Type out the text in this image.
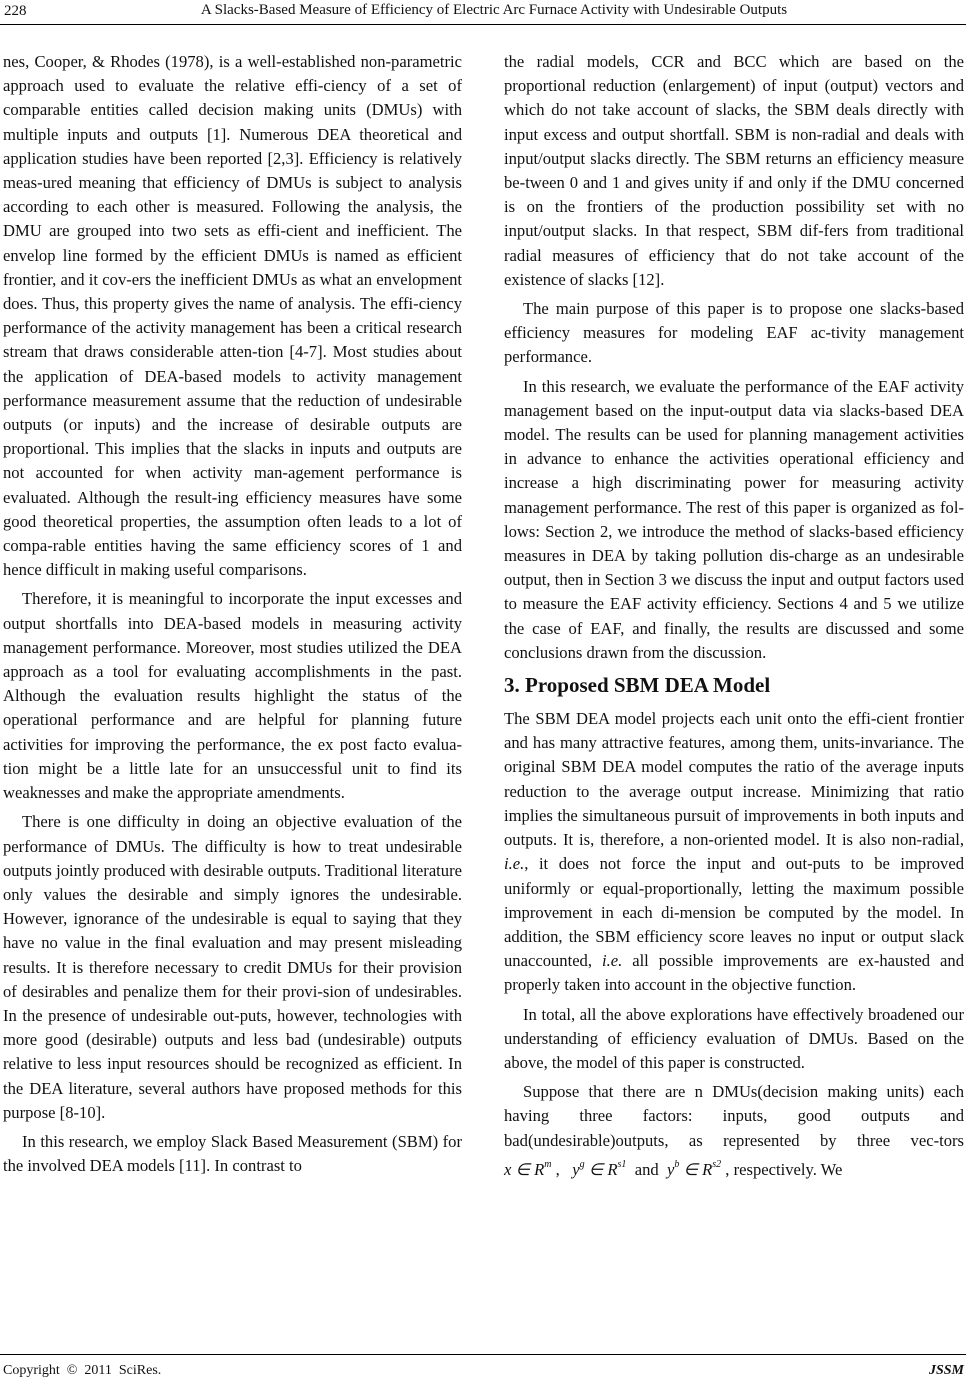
228	A Slacks-Based Measure of Efficiency of Electric Arc Furnace Activity with Undesirable Outputs

nes, Cooper, & Rhodes (1978), is a well-established non-parametric approach used to evaluate the relative effi-ciency of a set of comparable entities called decision making units (DMUs) with multiple inputs and outputs [1]. Numerous DEA theoretical and application studies have been reported [2,3]. Efficiency is relatively meas-ured meaning that efficiency of DMUs is subject to analysis according to each other is measured. Following the analysis, the DMU are grouped into two sets as effi-cient and inefficient. The envelop line formed by the efficient DMUs is named as efficient frontier, and it cov-ers the inefficient DMUs as what an envelopment does. Thus, this property gives the name of analysis. The effi-ciency performance of the activity management has been a critical research stream that draws considerable atten-tion [4-7]. Most studies about the application of DEA-based models to activity management performance measurement assume that the reduction of undesirable outputs (or inputs) and the increase of desirable outputs are proportional. This implies that the slacks in inputs and outputs are not accounted for when activity man-agement performance is evaluated. Although the result-ing efficiency measures have some good theoretical properties, the assumption often leads to a lot of compa-rable entities having the same efficiency scores of 1 and hence difficult in making useful comparisons.

Therefore, it is meaningful to incorporate the input excesses and output shortfalls into DEA-based models in measuring activity management performance. Moreover, most studies utilized the DEA approach as a tool for evaluating accomplishments in the past. Although the evaluation results highlight the status of the operational performance and are helpful for planning future activities for improving the performance, the ex post facto evalua-tion might be a little late for an unsuccessful unit to find its weaknesses and make the appropriate amendments.

There is one difficulty in doing an objective evaluation of the performance of DMUs. The difficulty is how to treat undesirable outputs jointly produced with desirable outputs. Traditional literature only values the desirable and simply ignores the undesirable. However, ignorance of the undesirable is equal to saying that they have no value in the final evaluation and may present misleading results. It is therefore necessary to credit DMUs for their provision of desirables and penalize them for their provi-sion of undesirables. In the presence of undesirable out-puts, however, technologies with more good (desirable) outputs and less bad (undesirable) outputs relative to less input resources should be recognized as efficient. In the DEA literature, several authors have proposed methods for this purpose [8-10].

In this research, we employ Slack Based Measurement (SBM) for the involved DEA models [11]. In contrast to

the radial models, CCR and BCC which are based on the proportional reduction (enlargement) of input (output) vectors and which do not take account of slacks, the SBM deals directly with input excess and output shortfall. SBM is non-radial and deals with input/output slacks directly. The SBM returns an efficiency measure be-tween 0 and 1 and gives unity if and only if the DMU concerned is on the frontiers of the production possibility set with no input/output slacks. In that respect, SBM dif-fers from traditional radial measures of efficiency that do not take account of the existence of slacks [12].

The main purpose of this paper is to propose one slacks-based efficiency measures for modeling EAF ac-tivity management performance.

In this research, we evaluate the performance of the EAF activity management based on the input-output data via slacks-based DEA model. The results can be used for planning management activities in advance to enhance the activities operational efficiency and increase a high discriminating power for measuring activity management performance. The rest of this paper is organized as fol-lows: Section 2, we introduce the method of slacks-based efficiency measures in DEA by taking pollution dis-charge as an undesirable output, then in Section 3 we discuss the input and output factors used to measure the EAF activity efficiency. Sections 4 and 5 we utilize the case of EAF, and finally, the results are discussed and some conclusions drawn from the discussion.

3. Proposed SBM DEA Model

The SBM DEA model projects each unit onto the effi-cient frontier and has many attractive features, among them, units-invariance. The original SBM DEA model computes the ratio of the average inputs reduction to the average output increase. Minimizing that ratio implies the simultaneous pursuit of improvements in both inputs and outputs. It is, therefore, a non-oriented model. It is also non-radial, i.e., it does not force the input and out-puts to be improved uniformly or equal-proportionally, letting the maximum possible improvement in each di-mension be computed by the model. In addition, the SBM efficiency score leaves no input or output slack unaccounted, i.e. all possible improvements are ex-hausted and properly taken into account in the objective function.

In total, all the above explorations have effectively broadened our understanding of efficiency evaluation of DMUs. Based on the above, the model of this paper is constructed.

Suppose that there are n DMUs(decision making units) each having three factors: inputs, good outputs and bad(undesirable)outputs, as represented by three vec-tors x ∈ $R^m$ ,   $y^g$ ∈ $R^{s1}$  and  $y^b$ ∈ $R^{s2}$ , respectively. We

Copyright  ©  2011  SciRes.	JSSM
